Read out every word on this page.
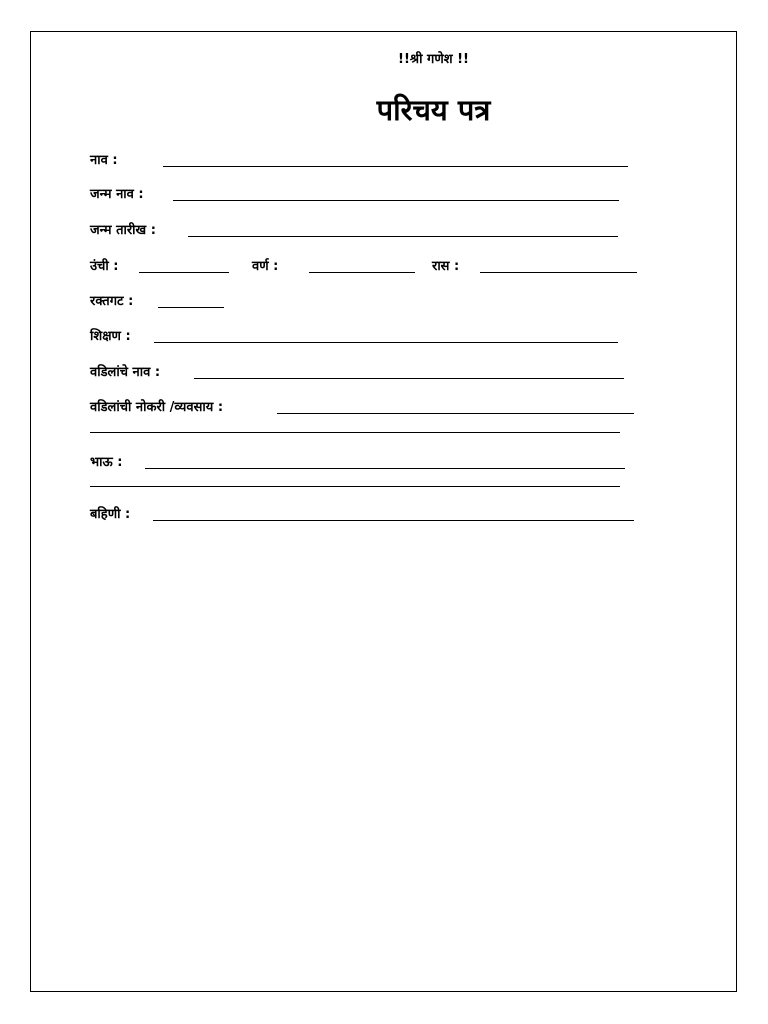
!!श्री गणेश !!
परिचय पत्र
नाव :
जन्म नाव :
जन्म तारीख :
उंची :	वर्ण :	रास :
रक्तगट :
शिक्षण :
वडिलांचे नाव :
वडिलांची नोकरी /व्यवसाय :
भाऊ :
बहिणी :
